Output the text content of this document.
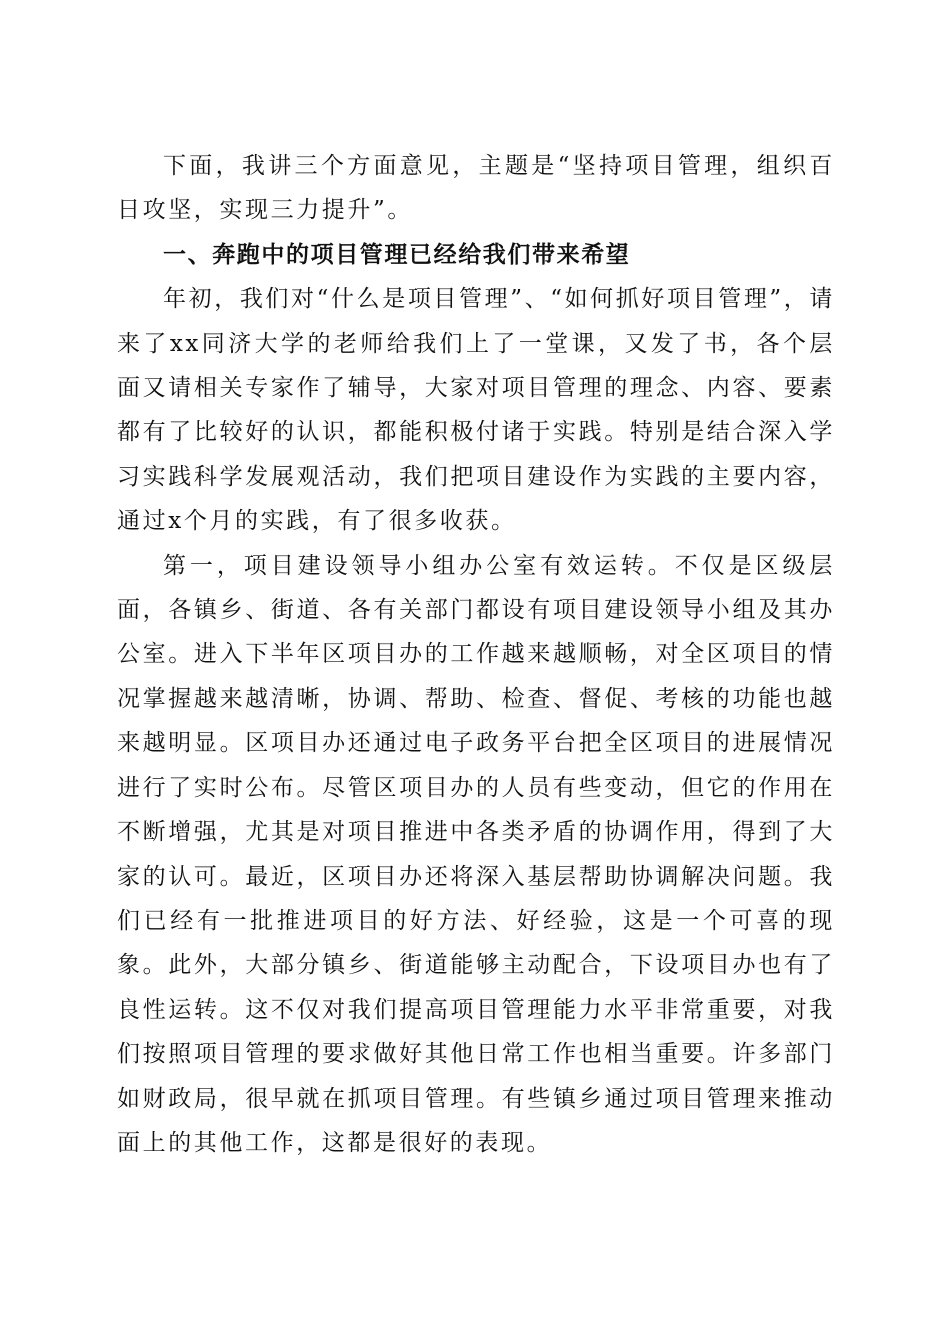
下面，我讲三个方面意见，主题是“坚持项目管理，组织百日攻坚，实现三力提升”。

一、奔跑中的项目管理已经给我们带来希望

年初，我们对“什么是项目管理”、“如何抓好项目管理”，请来了xx同济大学的老师给我们上了一堂课，又发了书，各个层面又请相关专家作了辅导，大家对项目管理的理念、内容、要素都有了比较好的认识，都能积极付诸于实践。特别是结合深入学习实践科学发展观活动，我们把项目建设作为实践的主要内容，通过x个月的实践，有了很多收获。

第一，项目建设领导小组办公室有效运转。不仅是区级层面，各镇乡、街道、各有关部门都设有项目建设领导小组及其办公室。进入下半年区项目办的工作越来越顺畅，对全区项目的情况掌握越来越清晰，协调、帮助、检查、督促、考核的功能也越来越明显。区项目办还通过电子政务平台把全区项目的进展情况进行了实时公布。尽管区项目办的人员有些变动，但它的作用在不断增强，尤其是对项目推进中各类矛盾的协调作用，得到了大家的认可。最近，区项目办还将深入基层帮助协调解决问题。我们已经有一批推进项目的好方法、好经验，这是一个可喜的现象。此外，大部分镇乡、街道能够主动配合，下设项目办也有了良性运转。这不仅对我们提高项目管理能力水平非常重要，对我们按照项目管理的要求做好其他日常工作也相当重要。许多部门如财政局，很早就在抓项目管理。有些镇乡通过项目管理来推动面上的其他工作，这都是很好的表现。
